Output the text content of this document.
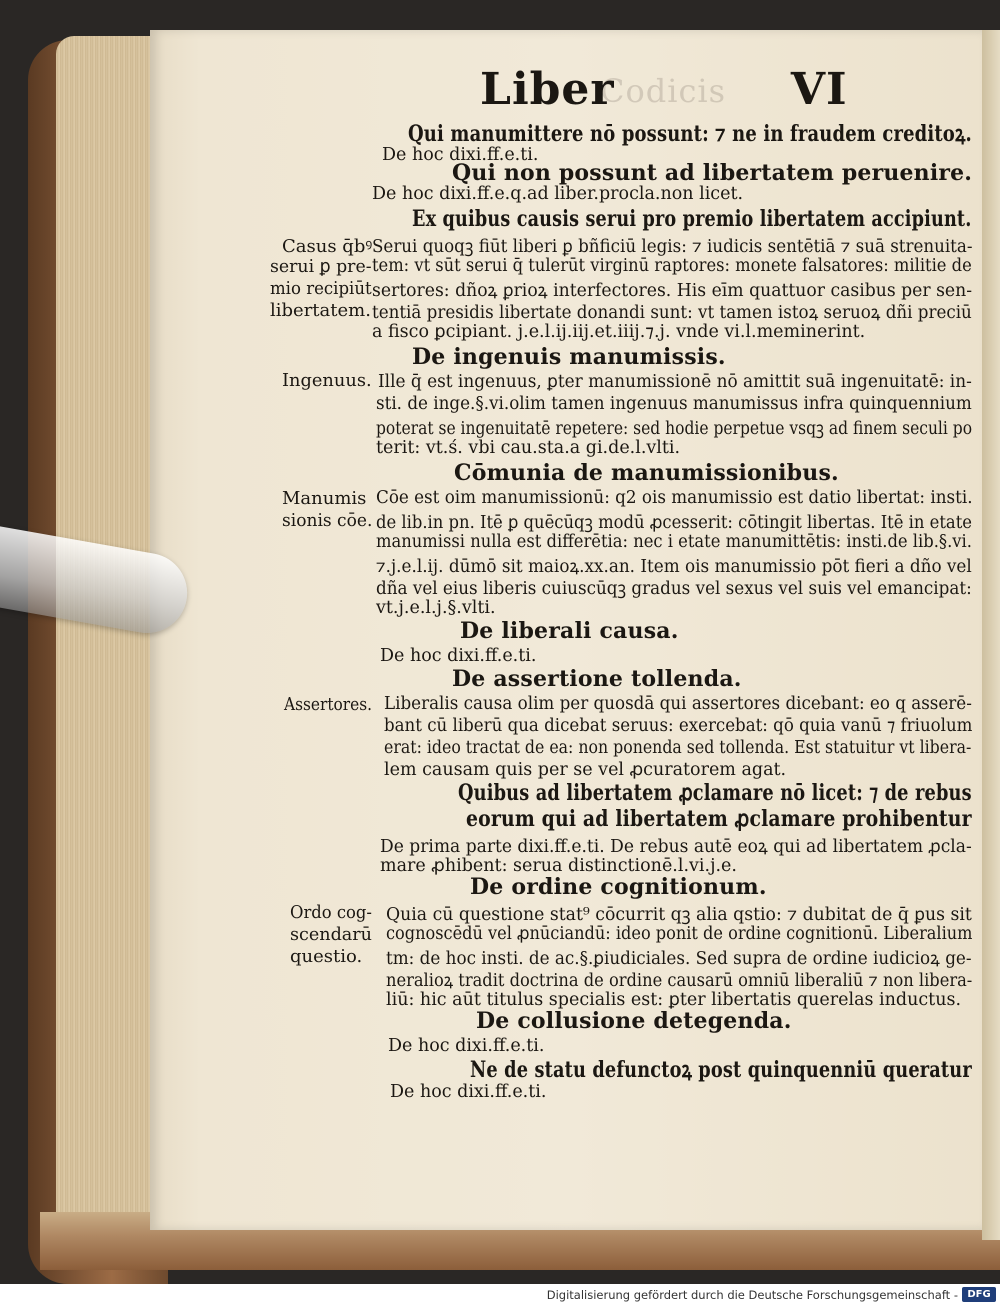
Liber	VI
Codicis
Qui manumittere nō possunt: ⁊ ne in fraudem creditoꝝ.
De hoc dixi.ff.e.ti.
Qui non possunt ad libertatem peruenire.
De hoc dixi.ff.e.q.ad liber.procla.non licet.
Ex quibus causis serui pro premio libertatem accipiunt.
Serui quoqꝫ fiūt liberi ꝑ bñficiū legis: ⁊ iudicis sentētiā ⁊ suā strenuita-
tem: vt sūt serui q̄ tulerūt virginū raptores: monete falsatores: militie de
sertores: dñoꝝ ꝑrioꝝ interfectores. His eīm quattuor casibus per sen-
tentiā presidis libertate donandi sunt: vt tamen istoꝝ seruoꝝ dñi preciū
a fisco ꝑcipiant. j.e.l.ij.iij.et.iiij.⁊.j. vnde vi.l.meminerint.
De ingenuis manumissis.
Ille q̄ est ingenuus, ꝑter manumissionē nō amittit suā ingenuitatē: in-
sti. de inge.§.vi.olim tamen ingenuus manumissus infra quinquennium
poterat se ingenuitatē repetere: sed hodie perpetue vsqꝫ ad finem seculi po
terit: vt.ś. vbi cau.sta.a gi.de.l.vlti.
Cōmunia de manumissionibus.
Cōe est oim manumissionū: q2 ois manumissio est datio libertat: insti.
de lib.in pn. Itē ꝑ quēcūqꝫ modū ꝓcesserit: cōtingit libertas. Itē in etate
manumissi nulla est differētia: nec i etate manumittētis: insti.de lib.§.vi.
⁊.j.e.l.ij. dūmō sit maioꝝ.xx.an. Item ois manumissio pōt fieri a dño vel
dña vel eius liberis cuiuscūqꝫ gradus vel sexus vel suis vel emancipat:
vt.j.e.l.j.§.vlti.
De liberali causa.
De hoc dixi.ff.e.ti.
De assertione tollenda.
Liberalis causa olim per quosdā qui assertores dicebant: eo q asserē-
bant cū liberū qua dicebat seruus: exercebat: qō quia vanū ⁊ friuolum
erat: ideo tractat de ea: non ponenda sed tollenda. Est statuitur vt libera-
lem causam quis per se vel ꝓcuratorem agat.
Quibus ad libertatem ꝓclamare nō licet: ⁊ de rebus
eorum qui ad libertatem ꝓclamare prohibentur
De prima parte dixi.ff.e.ti. De rebus autē eoꝝ qui ad libertatem ꝓcla-
mare ꝓhibent: serua distinctionē.l.vi.j.e.
De ordine cognitionum.
Quia cū questione stat⁹ cōcurrit qꝫ alia qstio: ⁊ dubitat de q̄ ꝑus sit
cognoscēdū vel ꝓnūciandū: ideo ponit de ordine cognitionū. Liberalium
tm: de hoc insti. de ac.§.ꝑiudiciales. Sed supra de ordine iudicioꝝ ge-
neralioꝝ tradit doctrina de ordine causarū omniū liberaliū ⁊ non libera-
liū: hic aūt titulus specialis est: ꝑter libertatis querelas inductus.
De collusione detegenda.
De hoc dixi.ff.e.ti.
Ne de statu defunctoꝝ post quinquenniū queratur
De hoc dixi.ff.e.ti.
Casus q̄bꝰ
serui ꝑ pre-
mio recipiūt
libertatem.
Ingenuus.
Manumis
sionis cōe.
Assertores.
Ordo cog-
scendarū
questio.
Digitalisierung gefördert durch die Deutsche Forschungsgemeinschaft - DFG
